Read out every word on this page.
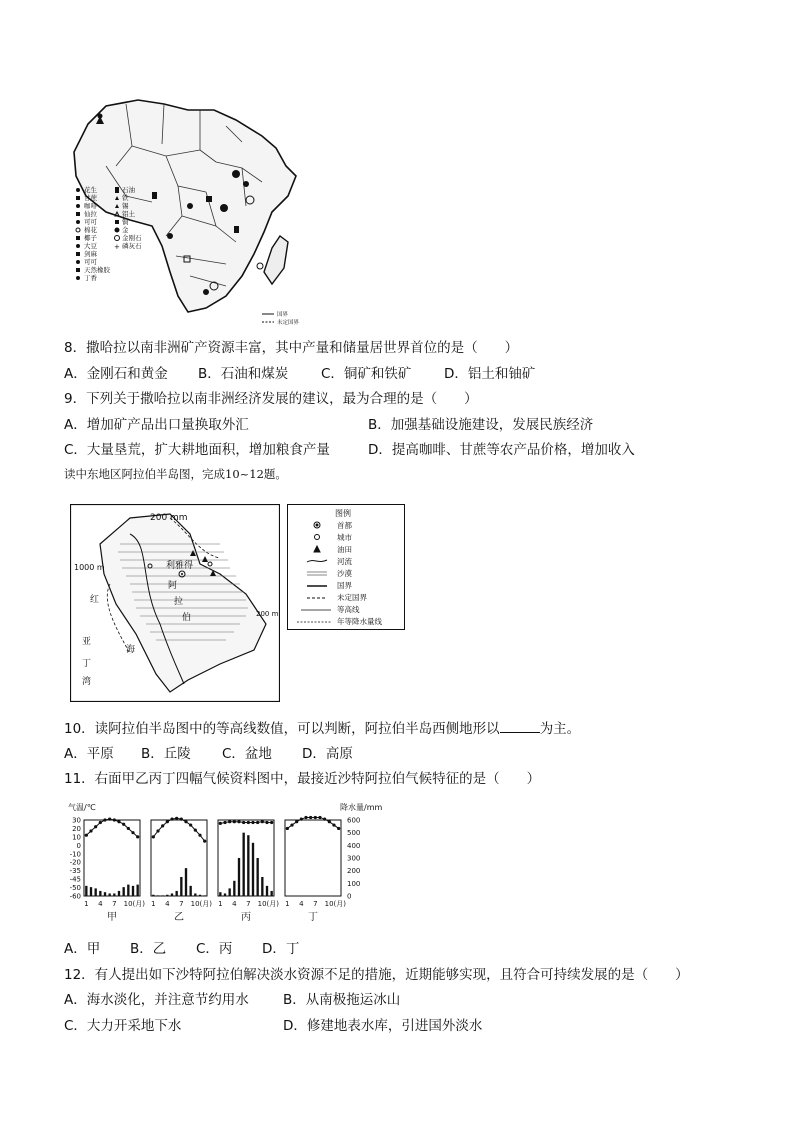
花生
甘蔗
咖啡
仙拉
可可
棉花
椰子
大豆
剑麻
可可
天然橡胶
丁香
石油
铁
锡
铝土
铜
金
金刚石
磷灰石
+
国界
未定国界
8．撒哈拉以南非洲矿产资源丰富，其中产量和储量居世界首位的是（　　）
A．金刚石和黄金 B．石油和煤炭 C．铜矿和铁矿 D．铝土和铀矿
9．下列关于撒哈拉以南非洲经济发展的建议，最为合理的是（　　）
A．增加矿产品出口量换取外汇	B．加强基础设施建设，发展民族经济
C．大量垦荒，扩大耕地面积，增加粮食产量	D．提高咖啡、甘蔗等农产品价格，增加收入
读中东地区阿拉伯半岛图，完成10~12题。
200 mm
1000 m	利雅得
红
海
亚
丁
湾
阿
拉
伯	200 m
图例
首都
城市
油田
河流
沙漠
国界
未定国界
等高线
年等降水量线
10．读阿拉伯半岛图中的等高线数值，可以判断，阿拉伯半岛西侧地形以	为主。
A．平原 B．丘陵 C．盆地 D．高原
11．右面甲乙丙丁四幅气候资料图中，最接近沙特阿拉伯气候特征的是（　　）
气温/℃	降水量/mm
30
20
10
0
-10
-20
-35
-45
-50
-60
600
500
400
300
200
100
0
1 4 7 10(月) 1 4 7 10(月) 1 4 7 10(月) 1 4 7 10(月)
甲	乙	丙	丁
A．甲 B．乙 C．丙 D．丁
12．有人提出如下沙特阿拉伯解决淡水资源不足的措施，近期能够实现，且符合可持续发展的是（　　）
A．海水淡化，并注意节约用水	B．从南极拖运冰山
C．大力开采地下水	D．修建地表水库，引进国外淡水
